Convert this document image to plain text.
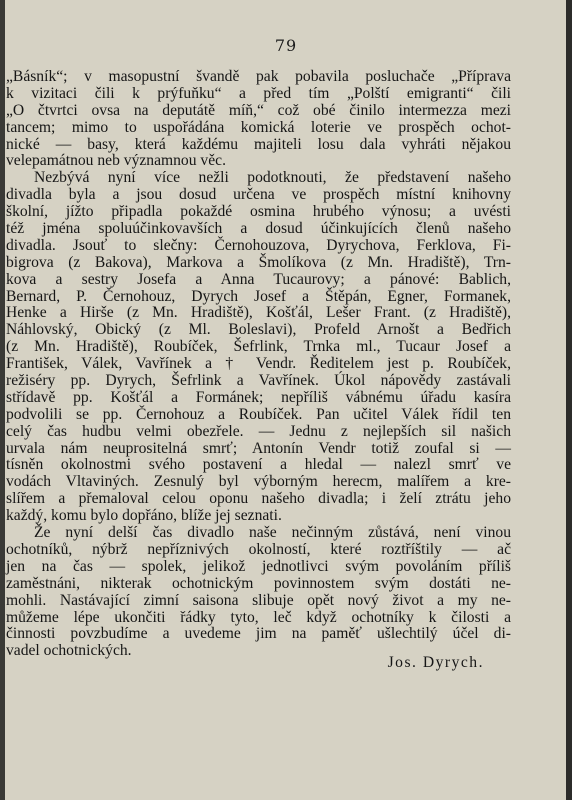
79
„Básník“; v masopustní švandě pak pobavila posluchače „Příprava
k vizitaci čili k prýfuňku“ a před tím „Polští emigranti“ čili
„O čtvrtci ovsa na deputátě míň,“ což obé činilo intermezza mezi
tancem; mimo to uspořádána komická loterie ve prospěch ochot-
nické — basy, která každému majiteli losu dala vyhráti nějakou
velepamátnou neb významnou věc.
Nezbývá nyní více nežli podotknouti, že představení našeho
divadla byla a jsou dosud určena ve prospěch místní knihovny
školní, jížto připadla pokaždé osmina hrubého výnosu; a uvésti
též jména spoluúčinkovavších a dosud účinkujících členů našeho
divadla. Jsouť to slečny: Černohouzova, Dyrychova, Ferklova, Fi-
bigrova (z Bakova), Markova a Šmolíkova (z Mn. Hradiště), Trn-
kova a sestry Josefa a Anna Tucaurovy; a pánové: Bablich,
Bernard, P. Černohouz, Dyrych Josef a Štěpán, Egner, Formanek,
Henke a Hirše (z Mn. Hradiště), Košťál, Lešer Frant. (z Hradiště),
Náhlovský, Obický (z Ml. Boleslavi), Profeld Arnošt a Bedřich
(z Mn. Hradiště), Roubíček, Šefrlink, Trnka ml., Tucaur Josef a
František, Válek, Vavřínek a † Vendr. Ředitelem jest p. Roubíček,
režiséry pp. Dyrych, Šefrlink a Vavřínek. Úkol nápovědy zastávali
střídavě pp. Košťál a Formánek; nepříliš vábnému úřadu kasíra
podvolili se pp. Černohouz a Roubíček. Pan učitel Válek řídil ten
celý čas hudbu velmi obezřele. — Jednu z nejlepších sil našich
urvala nám neuprositelná smrť; Antonín Vendr totiž zoufal si —
tísněn okolnostmi svého postavení a hledal — nalezl smrť ve
vodách Vltaviných. Zesnulý byl výborným herecm, malířem a kre-
slířem a přemaloval celou oponu našeho divadla; i želí ztrátu jeho
každý, komu bylo dopřáno, blíže jej seznati.
Že nyní delší čas divadlo naše nečinným zůstává, není vinou
ochotníků, nýbrž nepříznivých okolností, které roztříštily — ač
jen na čas — spolek, jelikož jednotlivci svým povoláním příliš
zaměstnáni, nikterak ochotnickým povinnostem svým dostáti ne-
mohli. Nastávající zimní saisona slibuje opět nový život a my ne-
můžeme lépe ukončiti řádky tyto, leč když ochotníky k čilosti a
činnosti povzbudíme a uvedeme jim na paměť ušlechtilý účel di-
vadel ochotnických.
Jos. Dyrych.
